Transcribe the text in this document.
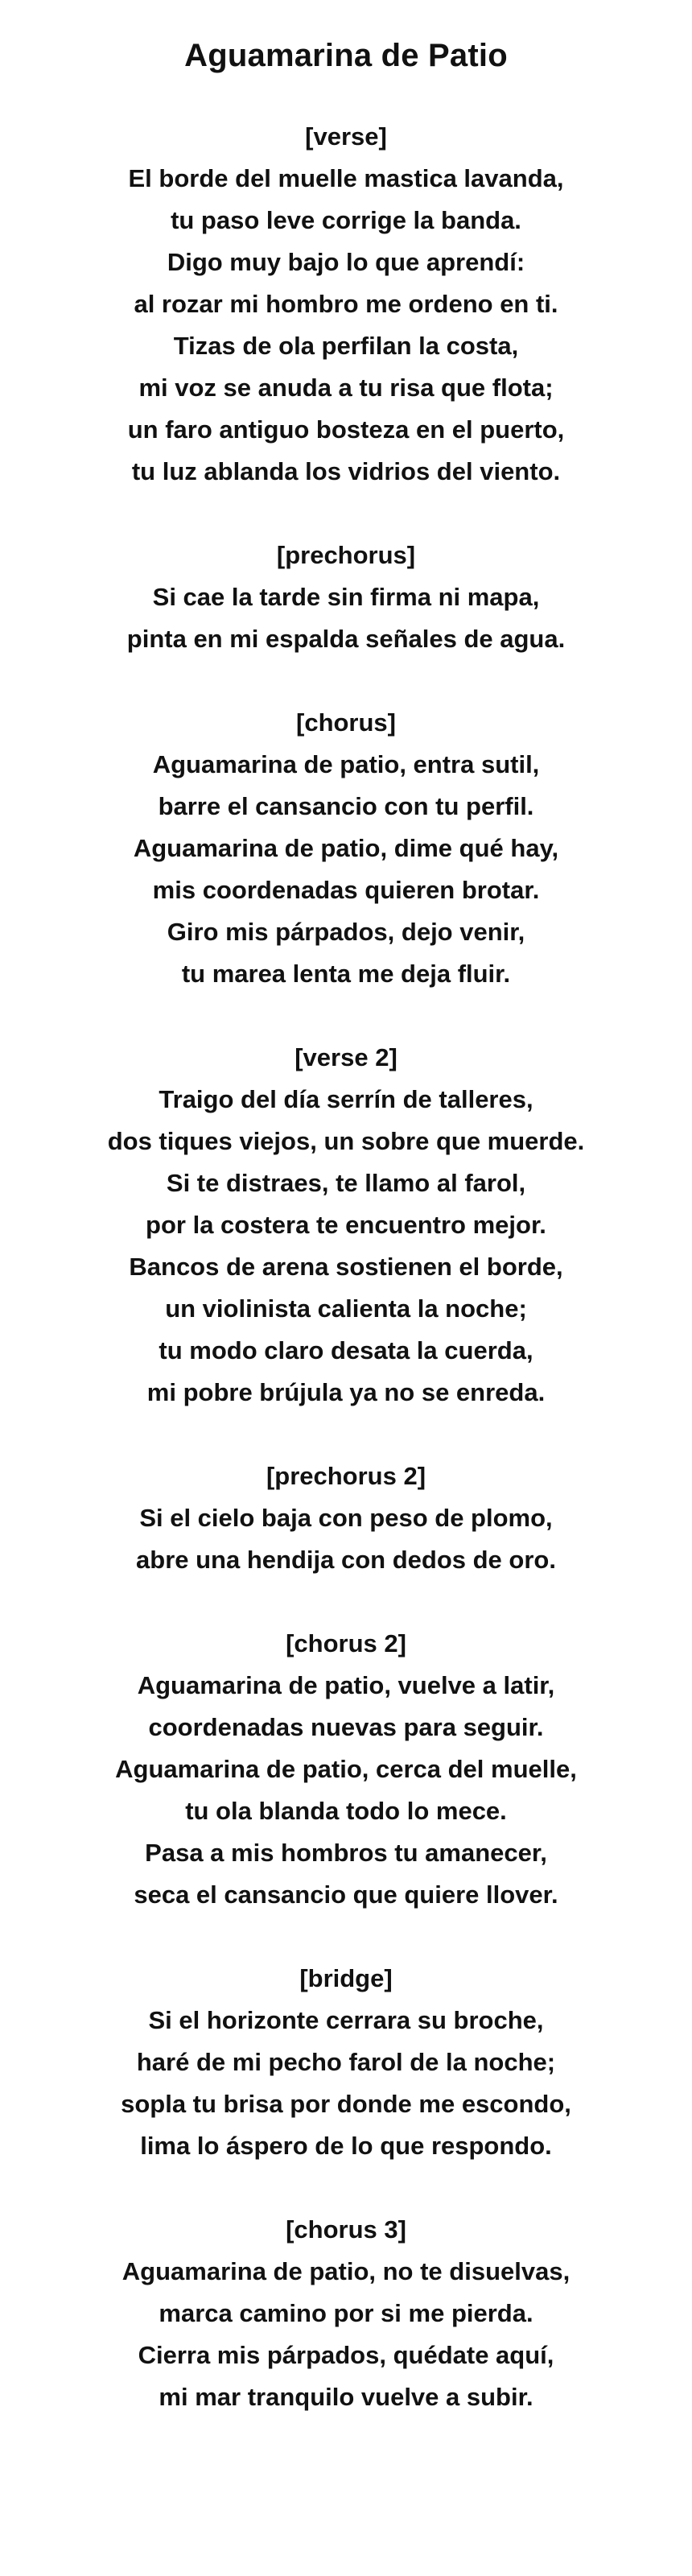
Aguamarina de Patio
[verse]
El borde del muelle mastica lavanda,
tu paso leve corrige la banda.
Digo muy bajo lo que aprendí:
al rozar mi hombro me ordeno en ti.
Tizas de ola perfilan la costa,
mi voz se anuda a tu risa que flota;
un faro antiguo bosteza en el puerto,
tu luz ablanda los vidrios del viento.
[prechorus]
Si cae la tarde sin firma ni mapa,
pinta en mi espalda señales de agua.
[chorus]
Aguamarina de patio, entra sutil,
barre el cansancio con tu perfil.
Aguamarina de patio, dime qué hay,
mis coordenadas quieren brotar.
Giro mis párpados, dejo venir,
tu marea lenta me deja fluir.
[verse 2]
Traigo del día serrín de talleres,
dos tiques viejos, un sobre que muerde.
Si te distraes, te llamo al farol,
por la costera te encuentro mejor.
Bancos de arena sostienen el borde,
un violinista calienta la noche;
tu modo claro desata la cuerda,
mi pobre brújula ya no se enreda.
[prechorus 2]
Si el cielo baja con peso de plomo,
abre una hendija con dedos de oro.
[chorus 2]
Aguamarina de patio, vuelve a latir,
coordenadas nuevas para seguir.
Aguamarina de patio, cerca del muelle,
tu ola blanda todo lo mece.
Pasa a mis hombros tu amanecer,
seca el cansancio que quiere llover.
[bridge]
Si el horizonte cerrara su broche,
haré de mi pecho farol de la noche;
sopla tu brisa por donde me escondo,
lima lo áspero de lo que respondo.
[chorus 3]
Aguamarina de patio, no te disuelvas,
marca camino por si me pierda.
Cierra mis párpados, quédate aquí,
mi mar tranquilo vuelve a subir.
